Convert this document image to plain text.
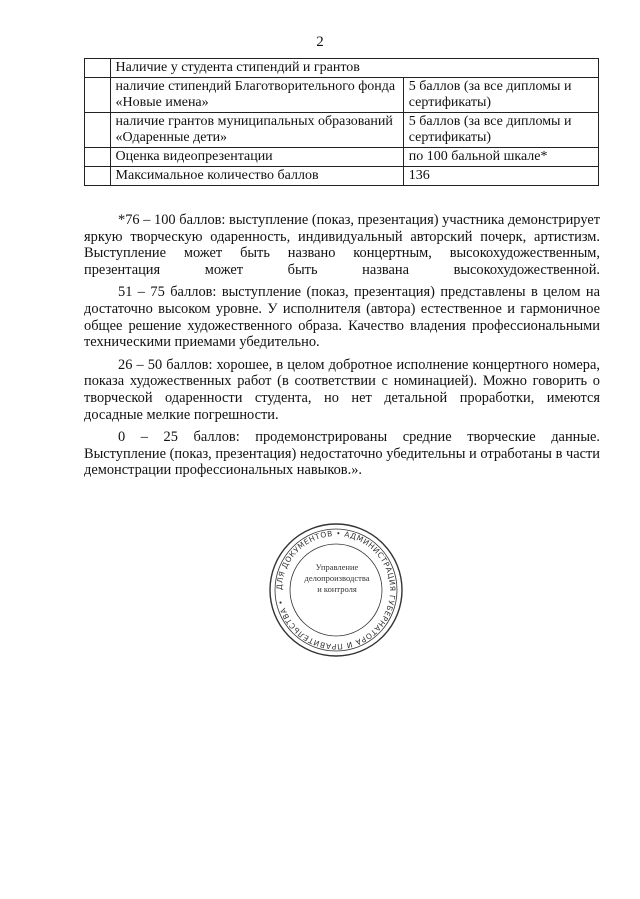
2
	Наличие у студента стипендий и грантов	
	наличие стипендий Благотворительного фонда «Новые имена»	5 баллов (за все дипломы и сертификаты)
	наличие грантов муниципальных образований «Одаренные дети»	5 баллов (за все дипломы и сертификаты)
	Оценка видеопрезентации	по 100 бальной шкале*
	Максимальное количество баллов	136

*76 – 100 баллов: выступление (показ, презентация) участника демонстрирует яркую творческую одаренность, индивидуальный авторский почерк, артистизм. Выступление может быть названо концертным, высокохудожественным, презентация может быть названа высокохудожественной.

51 – 75 баллов: выступление (показ, презентация) представлены в целом на достаточно высоком уровне. У исполнителя (автора) естественное и гармоничное общее решение художественного образа. Качество владения профессиональными техническими приемами убедительно.

26 – 50 баллов: хорошее, в целом добротное исполнение концертного номера, показа художественных работ (в соответствии с номинацией). Можно говорить о творческой одаренности студента, но нет детальной проработки, имеются досадные мелкие погрешности.

0 – 25 баллов: продемонстрированы средние творческие данные. Выступление (показ, презентация) недостаточно убедительны и отработаны в части демонстрации профессиональных навыков.».

ДЛЯ ДОКУМЕНТОВ • АДМИНИСТРАЦИЯ ГУБЕРНАТОРА И ПРАВИТЕЛЬСТВА •
Управление
делопроизводства
и контроля
